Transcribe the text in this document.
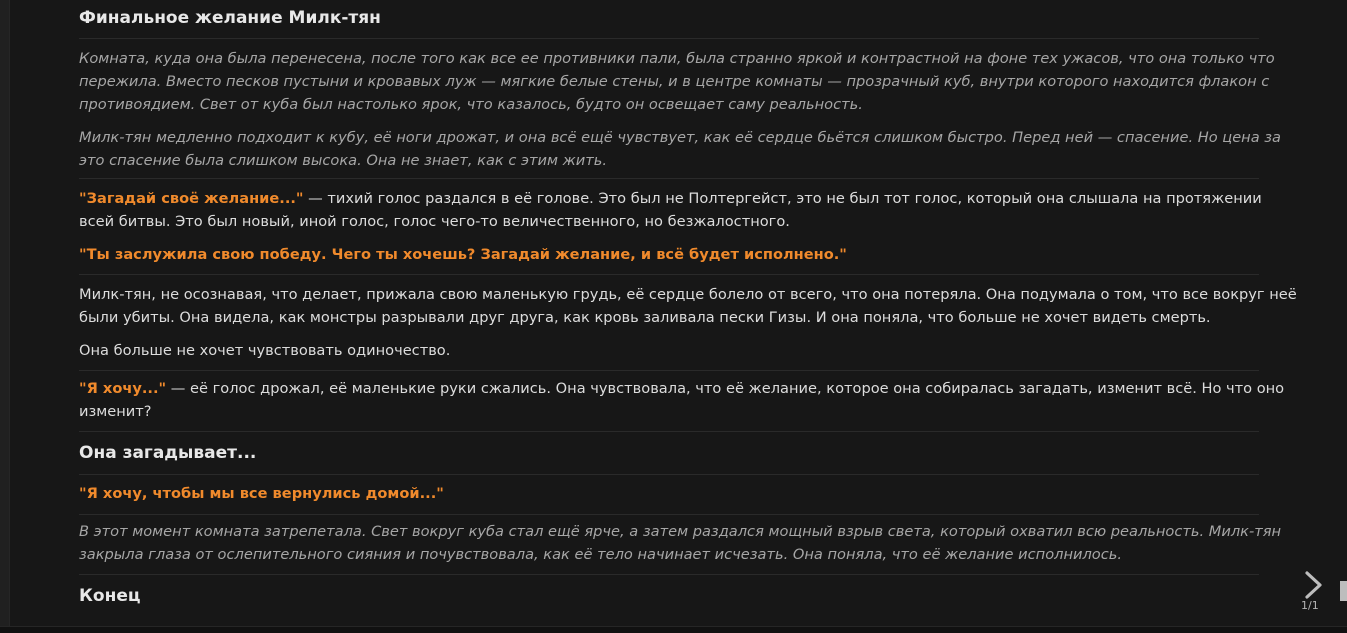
Финальное желание Милк-тян

Комната, куда она была перенесена, после того как все ее противники пали, была странно яркой и контрастной на фоне тех ужасов, что она только что пережила. Вместо песков пустыни и кровавых луж — мягкие белые стены, и в центре комнаты — прозрачный куб, внутри которого находится флакон с противоядием. Свет от куба был настолько ярок, что казалось, будто он освещает саму реальность.

Милк-тян медленно подходит к кубу, её ноги дрожат, и она всё ещё чувствует, как её сердце бьётся слишком быстро. Перед ней — спасение. Но цена за это спасение была слишком высока. Она не знает, как с этим жить.

"Загадай своё желание..." — тихий голос раздался в её голове. Это был не Полтергейст, это не был тот голос, который она слышала на протяжении всей битвы. Это был новый, иной голос, голос чего-то величественного, но безжалостного.

"Ты заслужила свою победу. Чего ты хочешь? Загадай желание, и всё будет исполнено."

Милк-тян, не осознавая, что делает, прижала свою маленькую грудь, её сердце болело от всего, что она потеряла. Она подумала о том, что все вокруг неё были убиты. Она видела, как монстры разрывали друг друга, как кровь заливала пески Гизы. И она поняла, что больше не хочет видеть смерть.

Она больше не хочет чувствовать одиночество.

"Я хочу..." — её голос дрожал, её маленькие руки сжались. Она чувствовала, что её желание, которое она собиралась загадать, изменит всё. Но что оно изменит?

Она загадывает...

"Я хочу, чтобы мы все вернулись домой..."

В этот момент комната затрепетала. Свет вокруг куба стал ещё ярче, а затем раздался мощный взрыв света, который охватил всю реальность. Милк-тян закрыла глаза от ослепительного сияния и почувствовала, как её тело начинает исчезать. Она поняла, что её желание исполнилось.

Конец	1/1
